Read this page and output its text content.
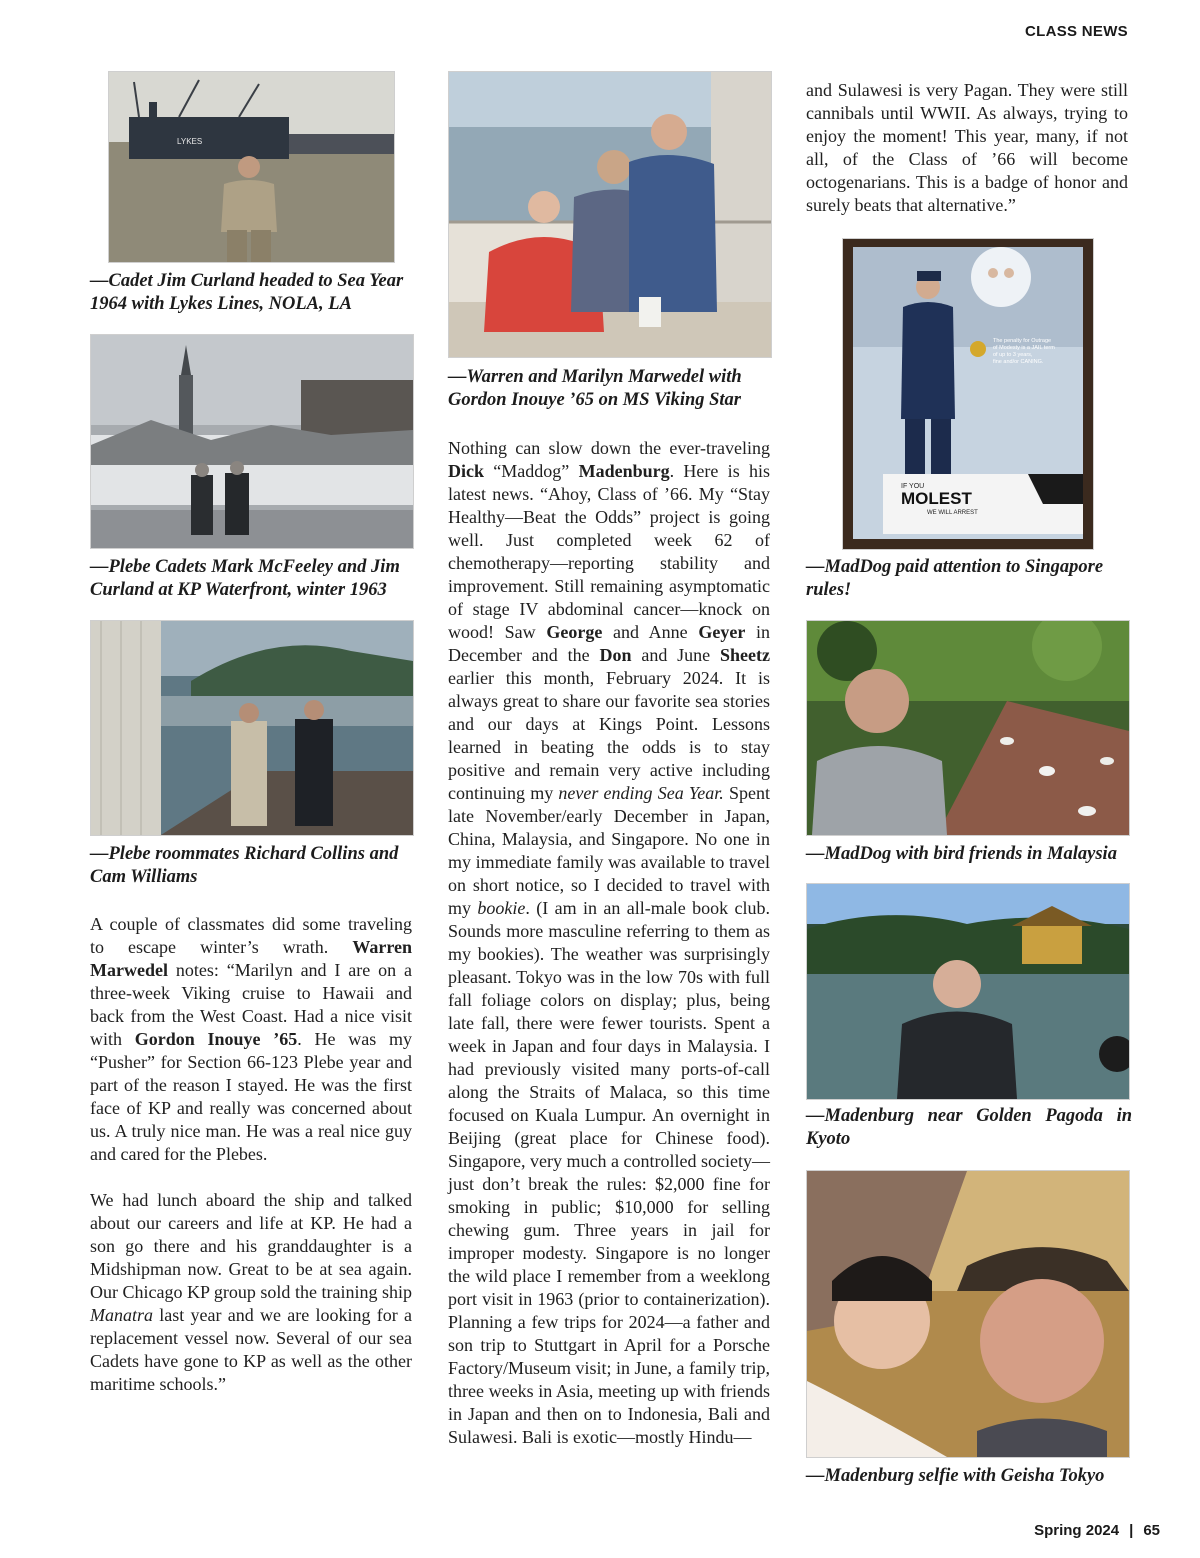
CLASS NEWS
LYKES

—Cadet Jim Curland headed to Sea Year 1964 with Lykes Lines, NOLA, LA

—Plebe Cadets Mark McFeeley and Jim Curland at KP Waterfront, winter 1963

—Plebe roommates Richard Collins and Cam Williams

A couple of classmates did some traveling to escape winter’s wrath. Warren Marwedel notes: “Marilyn and I are on a three-week Viking cruise to Hawaii and back from the West Coast. Had a nice visit with Gordon Inouye ’65. He was my “Pusher” for Section 66-123 Plebe year and part of the reason I stayed. He was the first face of KP and really was concerned about us. A truly nice man. He was a real nice guy and cared for the Plebes.

We had lunch aboard the ship and talked about our careers and life at KP. He had a son go there and his granddaughter is a Midshipman now. Great to be at sea again. Our Chicago KP group sold the training ship Manatra last year and we are looking for a replacement vessel now. Several of our sea Cadets have gone to KP as well as the other maritime schools.”

—Warren and Marilyn Marwedel with Gordon Inouye ’65 on MS Viking Star

Nothing can slow down the ever-traveling Dick “Maddog” Madenburg. Here is his latest news. “Ahoy, Class of ’66. My “Stay Healthy—Beat the Odds” project is going well. Just completed week 62 of chemotherapy—reporting stability and improvement. Still remaining asymptomatic of stage IV abdominal cancer—knock on wood! Saw George and Anne Geyer in December and the Don and June Sheetz earlier this month, February 2024. It is always great to share our favorite sea stories and our days at Kings Point. Lessons learned in beating the odds is to stay positive and remain very active including continuing my never ending Sea Year. Spent late November/early December in Japan, China, Malaysia, and Singapore. No one in my immediate family was available to travel on short notice, so I decided to travel with my bookie. (I am in an all-male book club. Sounds more masculine referring to them as my bookies). The weather was surprisingly pleasant. Tokyo was in the low 70s with full fall foliage colors on display; plus, being late fall, there were fewer tourists. Spent a week in Japan and four days in Malaysia. I had previously visited many ports-of-call along the Straits of Malaca, so this time focused on Kuala Lumpur. An overnight in Beijing (great place for Chinese food). Singapore, very much a controlled society—just don’t break the rules: $2,000 fine for smoking in public; $10,000 for selling chewing gum. Three years in jail for improper modesty. Singapore is no longer the wild place I remember from a weeklong port visit in 1963 (prior to containerization). Planning a few trips for 2024—a father and son trip to Stuttgart in April for a Porsche Factory/Museum visit; in June, a family trip, three weeks in Asia, meeting up with friends in Japan and then on to Indonesia, Bali and Sulawesi. Bali is exotic—mostly Hindu—

and Sulawesi is very Pagan. They were still cannibals until WWII. As always, trying to enjoy the moment! This year, many, if not all, of the Class of ’66 will become octogenarians. This is a badge of honor and surely beats that alternative.”

The penalty for Outrage
of Modesty is a JAIL term
of up to 3 years,
fine and/or CANING.
IF YOU
MOLEST
WE WILL ARREST

—MadDog paid attention to Singapore rules!

—MadDog with bird friends in Malaysia

—Madenburg near Golden Pagoda in Kyoto

—Madenburg selfie with Geisha Tokyo

Spring 2024 | 65
